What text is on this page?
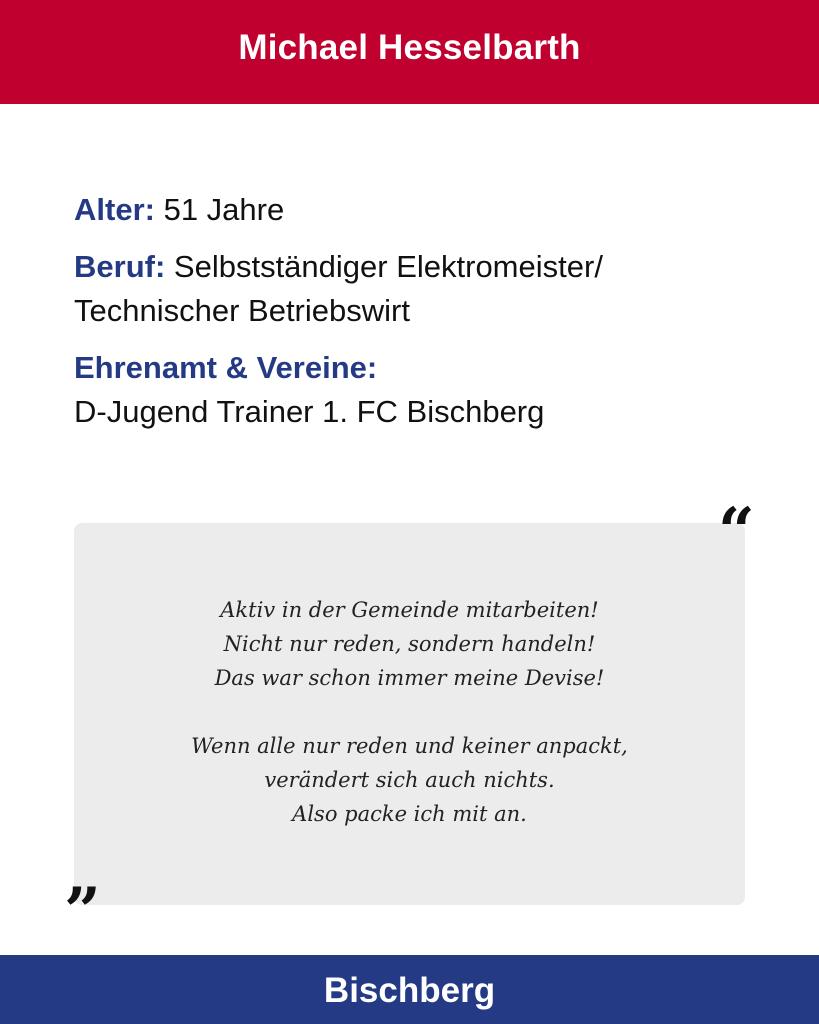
Michael Hesselbarth
Alter: 51 Jahre
Beruf: Selbstständiger Elektromeister/
Technischer Betriebswirt
Ehrenamt & Vereine:
D-Jugend Trainer 1. FC Bischberg
Aktiv in der Gemeinde mitarbeiten!
Nicht nur reden, sondern handeln!
Das war schon immer meine Devise!
Wenn alle nur reden und keiner anpackt,
verändert sich auch nichts.
Also packe ich mit an.
“
”
Bischberg
